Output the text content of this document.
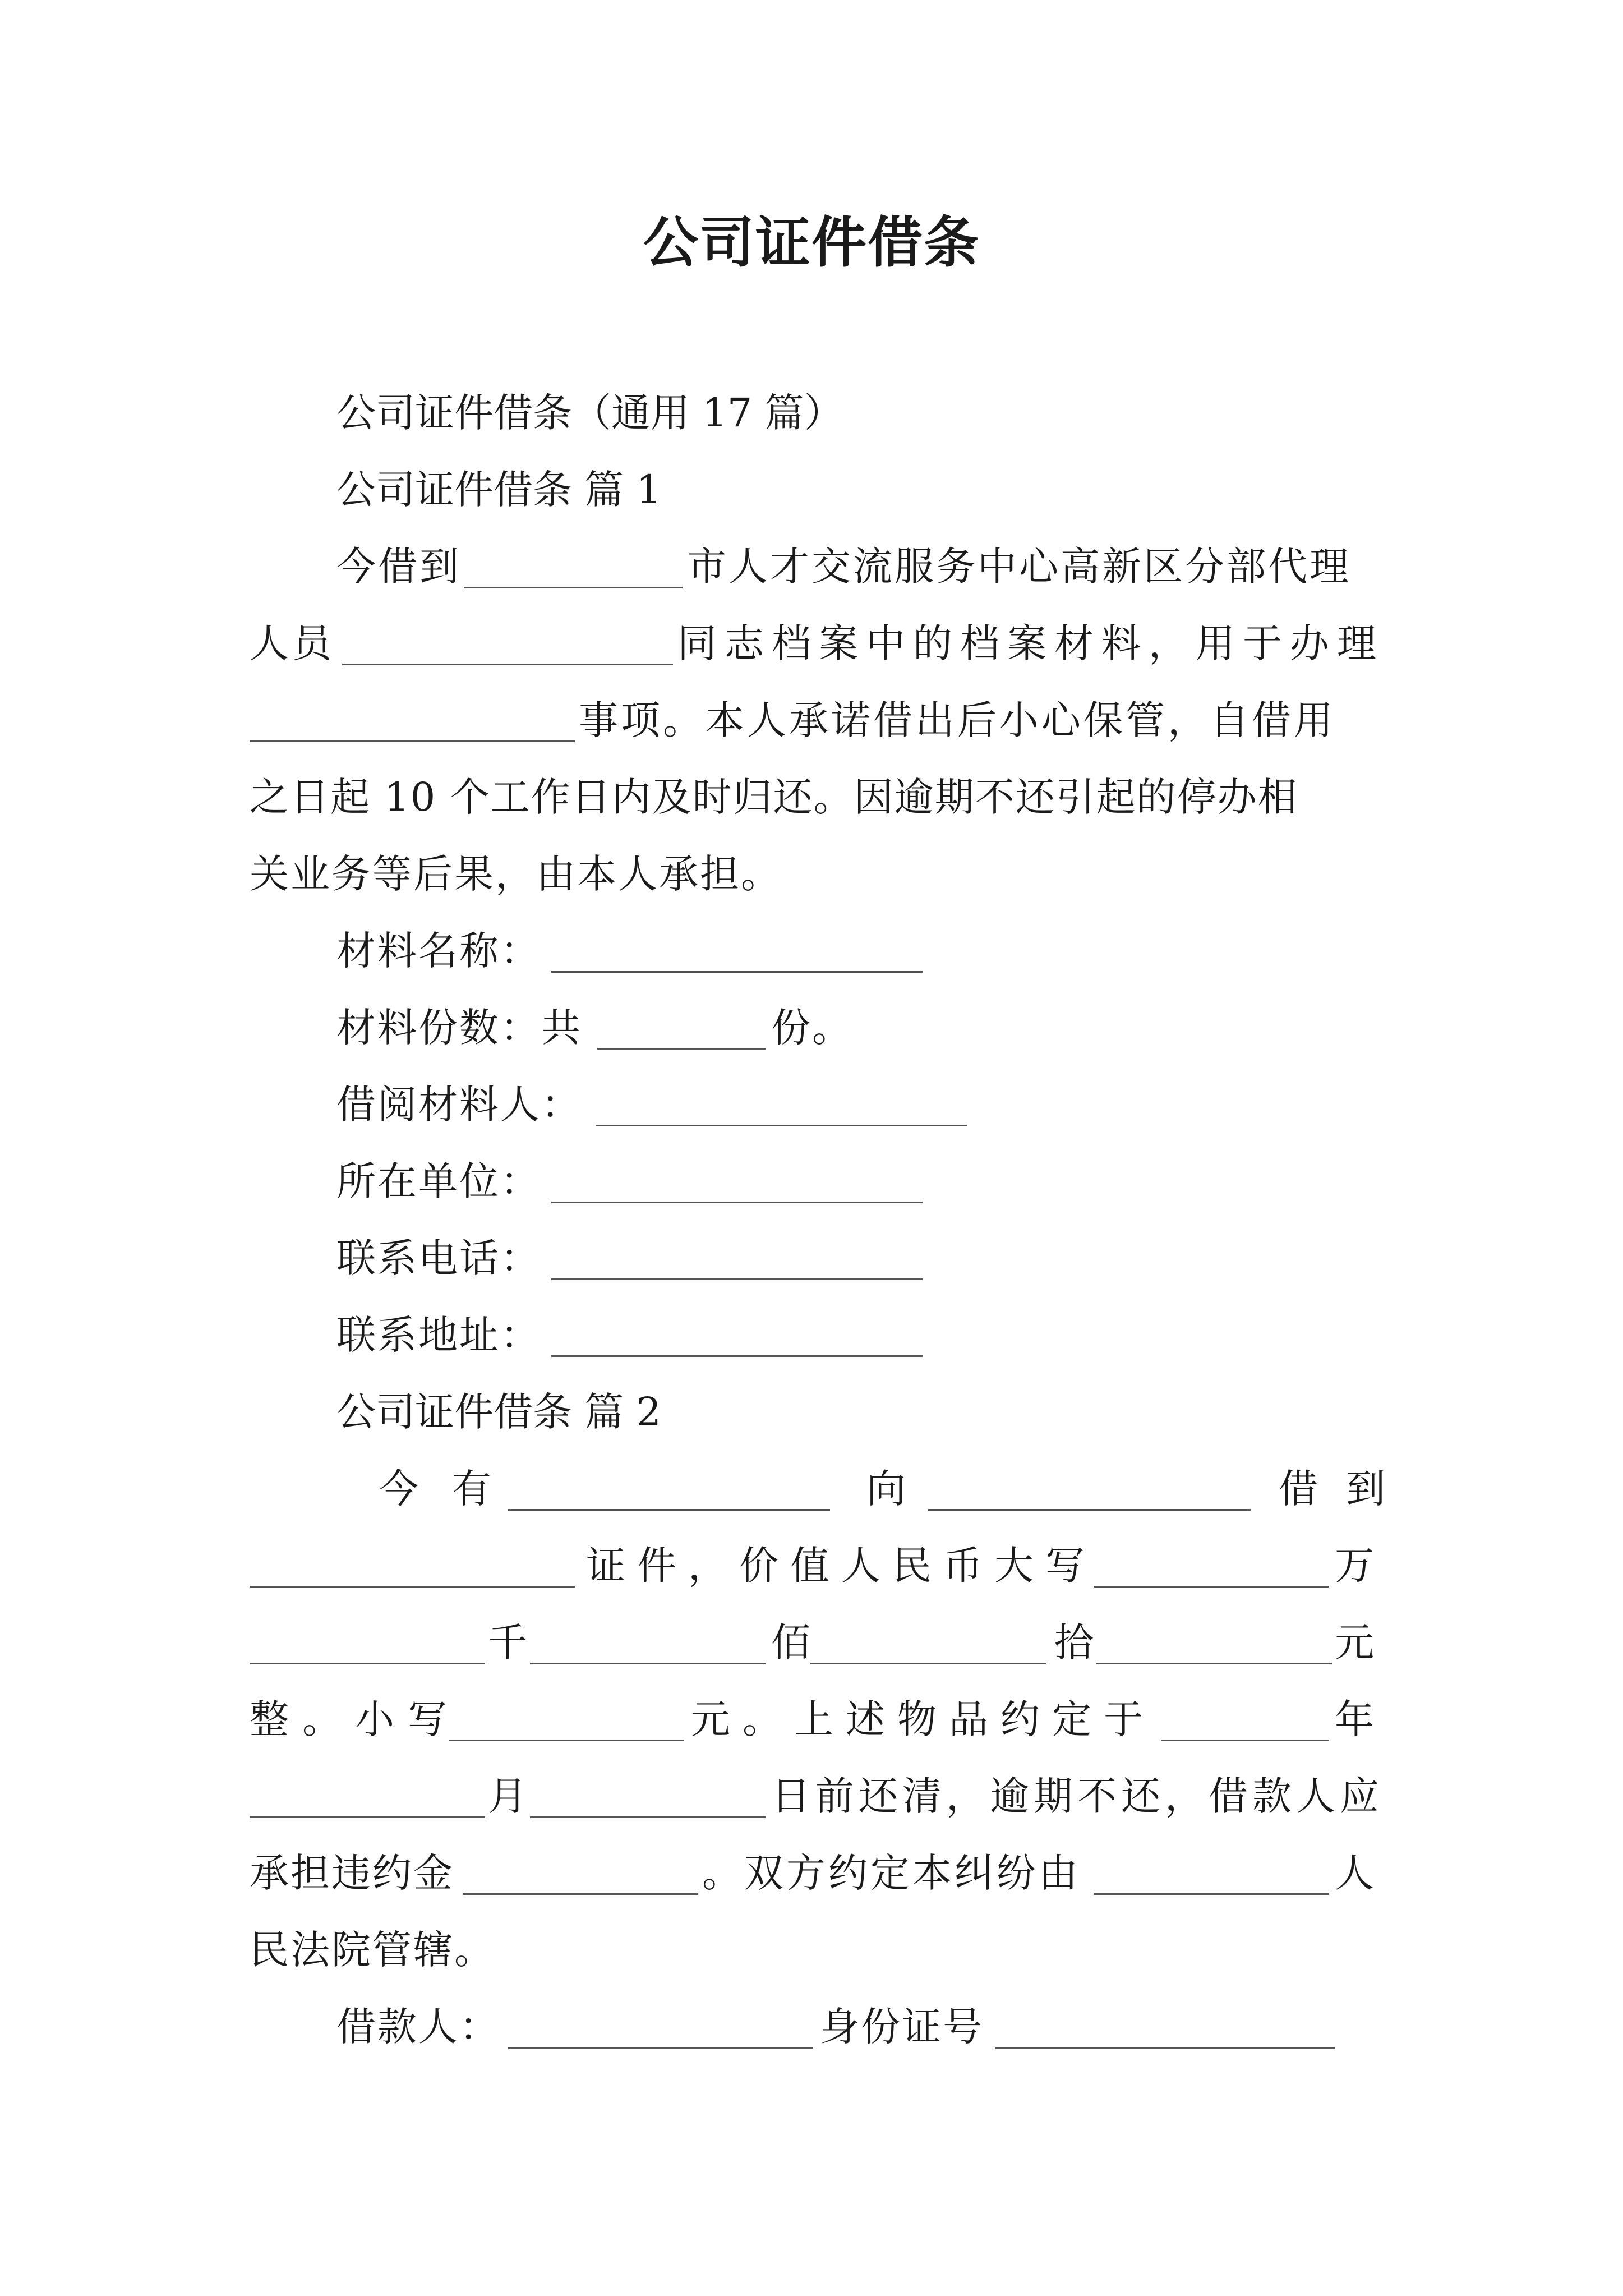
公司证件借条
公司证件借条（通用 17 篇）
公司证件借条 篇 1
今借到	市人才交流服务中心高新区分部代理
人员	同志档案中的档案材料，用于办理
事项。本人承诺借出后小心保管，自借用
之日起 10 个工作日内及时归还。因逾期不还引起的停办相
关业务等后果，由本人承担。
材料名称：
材料份数：共	份。
借阅材料人：
所在单位：
联系电话：
联系地址：
公司证件借条 篇 2
今有	向	借到
证件，价值人民币大写	万
千	佰	拾	元
整。小写	元。上述物品约定于	年
月	日前还清，逾期不还，借款人应
承担违约金	。双方约定本纠纷由	人
民法院管辖。
借款人：	身份证号
